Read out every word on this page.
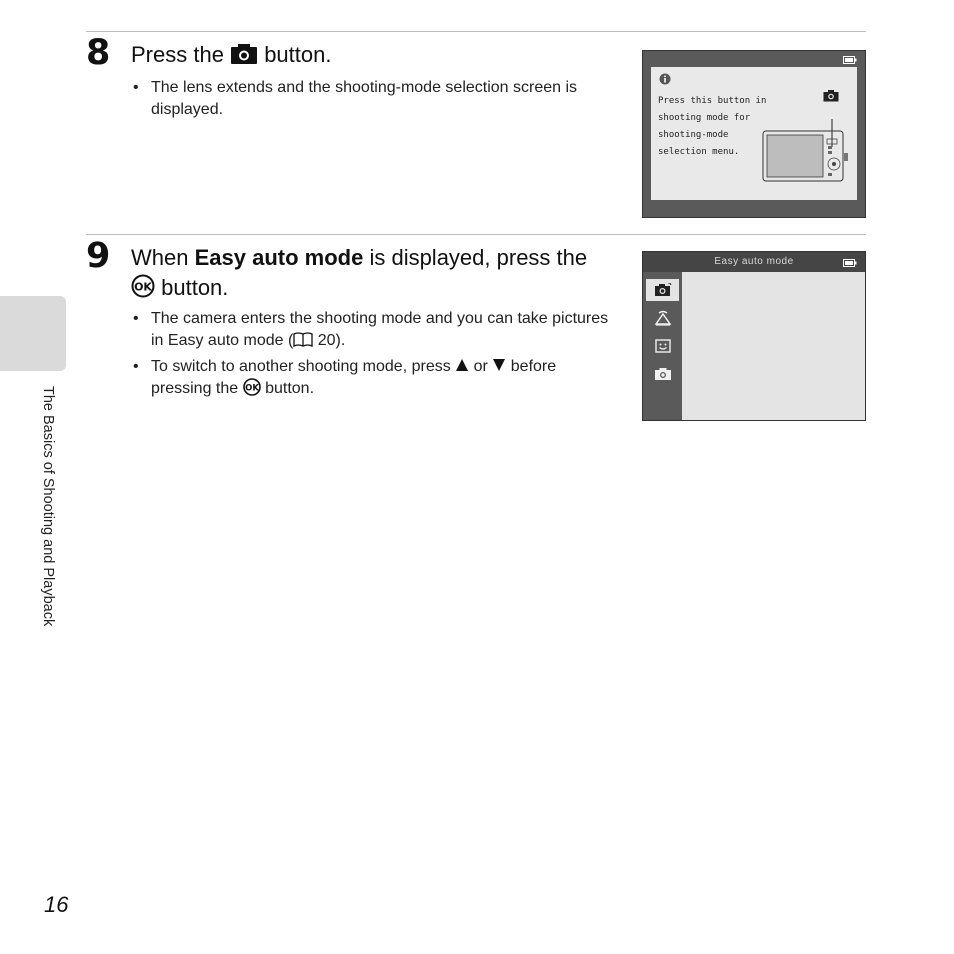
8 Press the button.
• The lens extends and the shooting-mode selection screen is displayed.	Press this button in
shooting mode for
shooting-mode
selection menu.
9 When Easy auto mode is displayed, press the

OK button.
• The camera enters the shooting mode and you can take pictures in Easy auto mode ( 20).
• To switch to another shooting mode, press or before pressing the OK button.
Easy auto mode
The Basics of Shooting and Playback
16
